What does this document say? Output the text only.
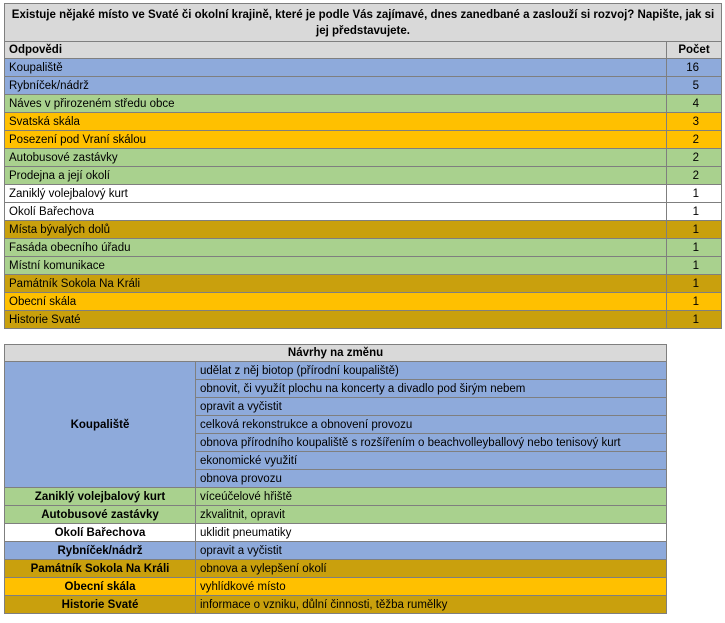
Existuje nějaké místo ve Svaté či okolní krajině, které je podle Vás zajímavé, dnes zanedbané a zaslouží si rozvoj? Napište, jak si jej představujete.	
Odpovědi	Počet
Koupaliště	16
Rybníček/nádrž	5
Náves v přirozeném středu obce	4
Svatská skála	3
Posezení pod Vraní skálou	2
Autobusové zastávky	2
Prodejna a její okolí	2
Zaniklý volejbalový kurt	1
Okolí Bařechova	1
Místa bývalých dolů	1
Fasáda obecního úřadu	1
Místní komunikace	1
Památník Sokola Na Králi	1
Obecní skála	1
Historie Svaté	1
Návrhy na změnu	
Koupaliště	udělat z něj biotop (přírodní koupaliště)
	obnovit, či využít plochu na koncerty a divadlo pod širým nebem
	opravit a vyčistit
	celková rekonstrukce a obnovení provozu
	obnova přírodního koupaliště s rozšířením o beachvolleyballový nebo tenisový kurt
	ekonomické využití
	obnova provozu
Zaniklý volejbalový kurt	víceúčelové hřiště
Autobusové zastávky	zkvalitnit, opravit
Okolí Bařechova	uklidit pneumatiky
Rybníček/nádrž	opravit a vyčistit
Památník Sokola Na Králi	obnova a vylepšení okolí
Obecní skála	vyhlídkové místo
Historie Svaté	informace o vzniku, důlní činnosti, těžba rumělky
